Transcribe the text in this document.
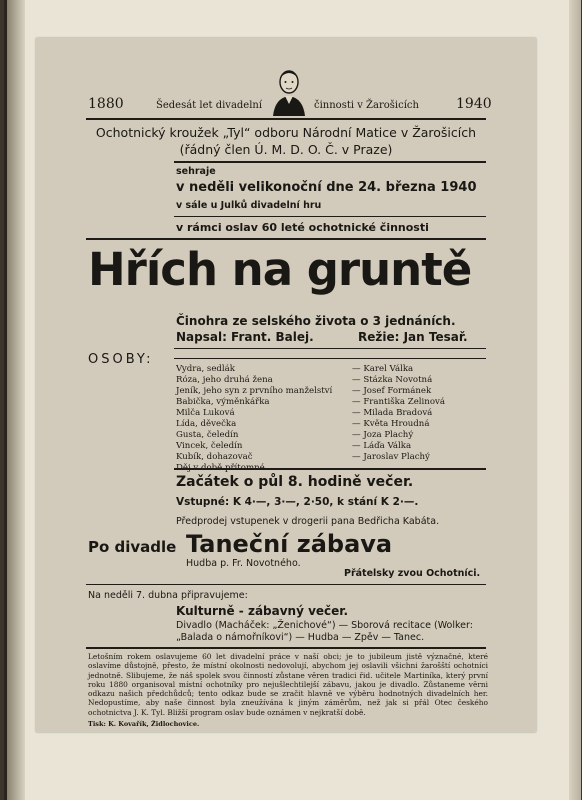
1880	Šedesát let divadelní	činnosti v Žarošicích	1940
Ochotnický kroužek „Tyl“ odboru Národní Matice v Žarošicích
(řádný člen Ú. M. D. O. Č. v Praze)
sehraje
v neděli velikonoční dne 24. března 1940
v sále u Julků divadelní hru
v rámci oslav 60 leté ochotnické činnosti
Hřích na gruntě
Činohra ze selského života o 3 jednáních.
Napsal: Frant. Balej.	Režie: Jan Tesař.
OSOBY:
Vydra, sedlák	— Karel Válka
Róza, jeho druhá žena	— Stázka Novotná
Jeník, jeho syn z prvního manželství — Josef Formánek
Babička, výměnkářka	— Františka Zelinová
Milča Luková	— Milada Bradová
Lída, děvečka	— Květa Hroudná
Gusta, čeledín	— Joza Plachý
Vincek, čeledín	— Láďa Válka
Kubík, dohazovač	— Jaroslav Plachý
Začátek o půl 8. hodině večer.
Vstupné: K 4·—, 3·—, 2·50, k stání K 2·—.
Předprodej vstupenek v drogerii pana Bedřicha Kabáta.
Po divadle Taneční zábava
Hudba p. Fr. Novotného.
Přátelsky zvou Ochotníci.
Na neděli 7. dubna připravujeme:
Kulturně - zábavný večer.
Divadlo (Macháček: „Ženichové“) — Sborová recitace (Wolker:
„Balada o námořníkovi“) — Hudba — Zpěv — Tanec.
Letošním rokem oslavujeme 60 let divadelní práce v naší obci; je to jubileum jistě význačné, které oslavíme důstojně, přesto, že místní okolnosti nedovolují, abychom jej oslavili všichni žarošští ochotníci jednotně. Slibujeme, že náš spolek svou činností zůstane věren tradici řid. učitele Martiníka, který první roku 1880 organisoval místní ochotníky pro nejušlechtilejší zábavu, jakou je divadlo. Zůstaneme věrni odkazu našich předchůdců; tento odkaz bude se zračit hlavně ve výběru hodnotných divadelních her. Nedopustíme, aby naše činnost byla zneužívána k jiným záměrům, než jak si přál Otec českého ochotnictva J. K. Tyl. Bližší program oslav bude oznámen v nejkratší době.
Tisk: K. Kovařík, Židlochovice.
